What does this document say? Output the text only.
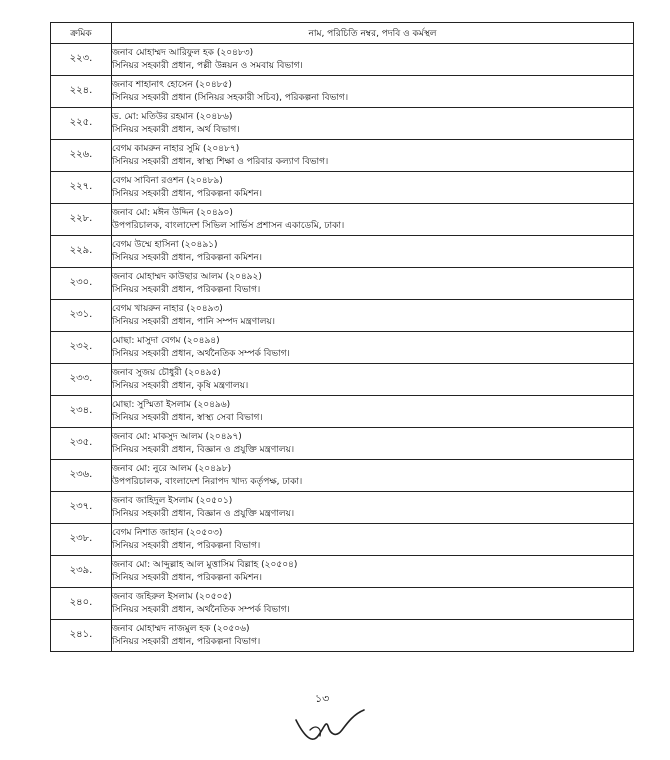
ক্রমিক	নাম, পরিচিতি নম্বর, পদবি ও কর্মস্থল
২২৩.	জনাব মোহাম্মদ আরিফুল হক (২০৪৮৩)
সিনিয়র সহকারী প্রধান, পল্লী উন্নয়ন ও সমবায় বিভাগ।

২২৪.	জনাব শাহানাৎ হোসেন (২০৪৮৫)
সিনিয়র সহকারী প্রধান (সিনিয়র সহকারী সচিব), পরিকল্পনা বিভাগ।

২২৫.	ড. মো: মতিউর রহমান (২০৪৮৬)
সিনিয়র সহকারী প্রধান, অর্থ বিভাগ।

২২৬.	বেগম কামরুন নাহার সুমি (২০৪৮৭)
সিনিয়র সহকারী প্রধান, স্বাস্থ্য শিক্ষা ও পরিবার কল্যাণ বিভাগ।

২২৭.	বেগম সাবিনা রওশন (২০৪৮৯)
সিনিয়র সহকারী প্রধান, পরিকল্পনা কমিশন।

২২৮.	জনাব মো: মঈন উদ্দিন (২০৪৯০)
উপপরিচালক, বাংলাদেশ সিভিল সার্ভিস প্রশাসন একাডেমি, ঢাকা।

২২৯.	বেগম উম্মে হাসিনা (২০৪৯১)
সিনিয়র সহকারী প্রধান, পরিকল্পনা কমিশন।

২৩০.	জনাব মোহাম্মদ কাউছার আলম (২০৪৯২)
সিনিয়র সহকারী প্রধান, পরিকল্পনা বিভাগ।

২৩১.	বেগম খায়রুন নাহার (২০৪৯৩)
সিনিয়র সহকারী প্রধান, পানি সম্পদ মন্ত্রণালয়।

২৩২.	মোছা: মাসুদা বেগম (২০৪৯৪)
সিনিয়র সহকারী প্রধান, অর্থনৈতিক সম্পর্ক বিভাগ।

২৩৩.	জনাব সুজয় চৌধুরী (২০৪৯৫)
সিনিয়র সহকারী প্রধান, কৃষি মন্ত্রণালয়।

২৩৪.	মোছা: সুস্মিতা ইসলাম (২০৪৯৬)
সিনিয়র সহকারী প্রধান, স্বাস্থ্য সেবা বিভাগ।

২৩৫.	জনাব মো: মাকসুদ আলম (২০৪৯৭)
সিনিয়র সহকারী প্রধান, বিজ্ঞান ও প্রযুক্তি মন্ত্রণালয়।

২৩৬.	জনাব মো: নুরে আলম (২০৪৯৮)
উপপরিচালক, বাংলাদেশ নিরাপদ খাদ্য কর্তৃপক্ষ, ঢাকা।

২৩৭.	জনাব জাহিদুল ইসলাম (২০৫০১)
সিনিয়র সহকারী প্রধান, বিজ্ঞান ও প্রযুক্তি মন্ত্রণালয়।

২৩৮.	বেগম নিশাত জাহান (২০৫০৩)
সিনিয়র সহকারী প্রধান, পরিকল্পনা বিভাগ।

২৩৯.	জনাব মো: আব্দুল্লাহ আল মুত্তাসিম বিল্লাহ (২০৫০৪)
সিনিয়র সহকারী প্রধান, পরিকল্পনা কমিশন।

২৪০.	জনাব জহিরুল ইসলাম (২০৫০৫)
সিনিয়র সহকারী প্রধান, অর্থনৈতিক সম্পর্ক বিভাগ।

২৪১.	জনাব মোহাম্মদ নাজমুল হক (২০৫০৬)
সিনিয়র সহকারী প্রধান, পরিকল্পনা বিভাগ।
১৩
